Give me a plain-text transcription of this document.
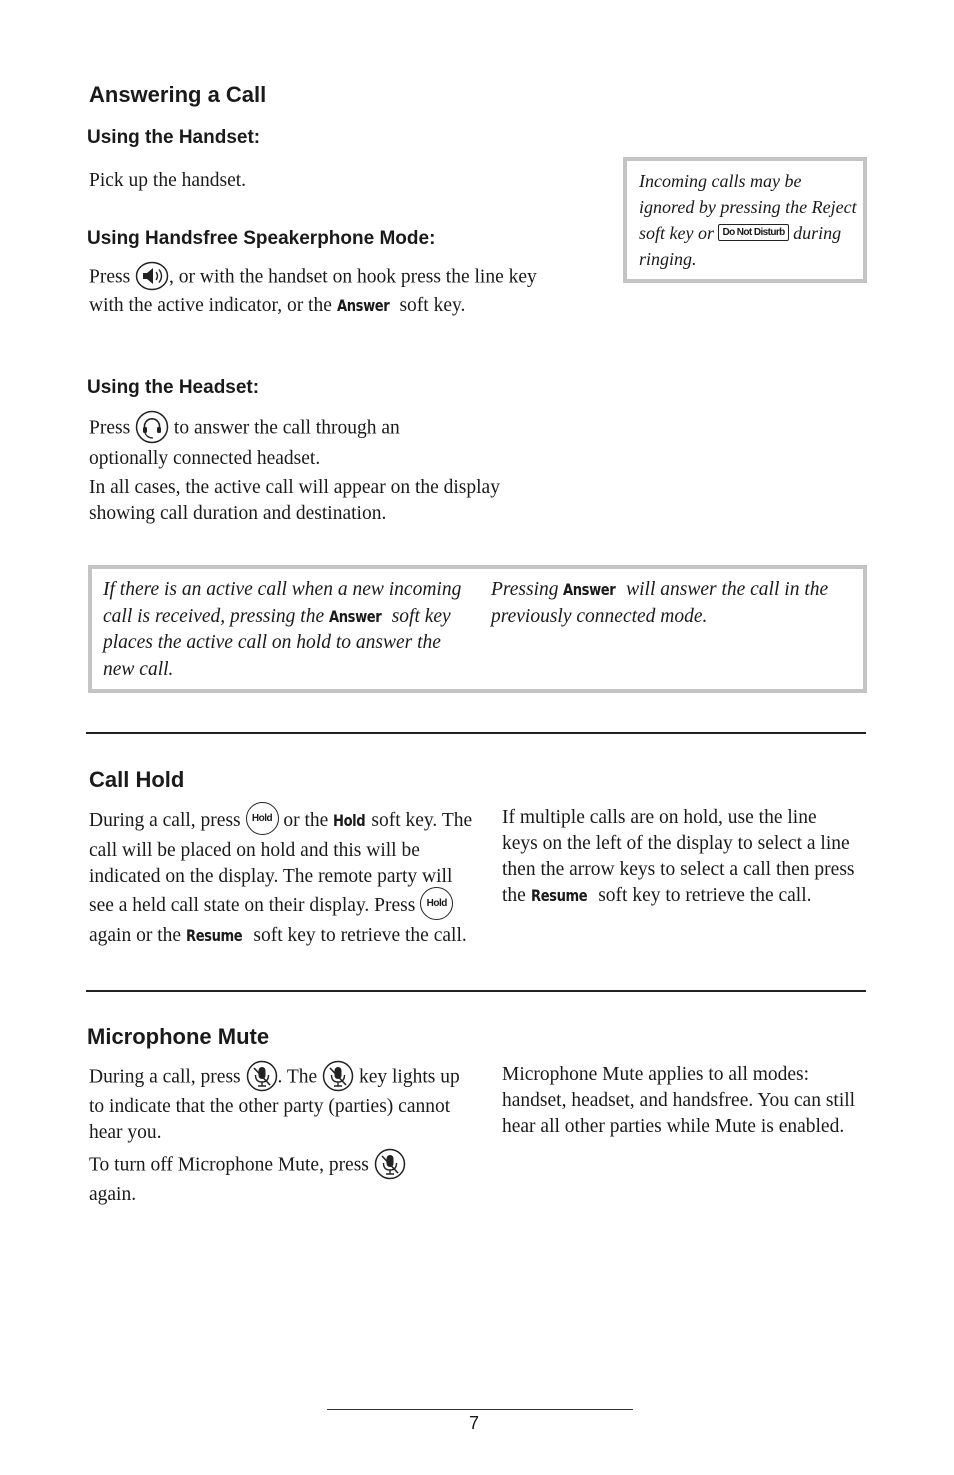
Answering a Call
Using the Handset:

Pick up the handset.

Using Handsfree Speakerphone Mode:

Press , or with the handset on hook press the line key with the active indicator, or the Answer soft key.

Using the Headset:

Press to answer the call through an optionally connected headset.

In all cases, the active call will appear on the display showing call duration and destination.

Incoming calls may be ignored by pressing the Reject soft key or Do Not Disturb during ringing.

If there is an active call when a new incoming call is received, pressing the Answer soft key places the active call on hold to answer the new call.

Pressing Answer will answer the call in the previously connected mode.

Call Hold

During a call, press Hold or the Hold soft key. The call will be placed on hold and this will be indicated on the display. The remote party will see a held call state on their display. Press Hold again or the Resume soft key to retrieve the call.

If multiple calls are on hold, use the line keys on the left of the display to select a line then the arrow keys to select a call then press the Resume soft key to retrieve the call.

Microphone Mute

During a call, press . The key lights up to indicate that the other party (parties) cannot hear you.

To turn off Microphone Mute, press
again.

Microphone Mute applies to all modes: handset, headset, and handsfree. You can still hear all other parties while Mute is enabled.

7
